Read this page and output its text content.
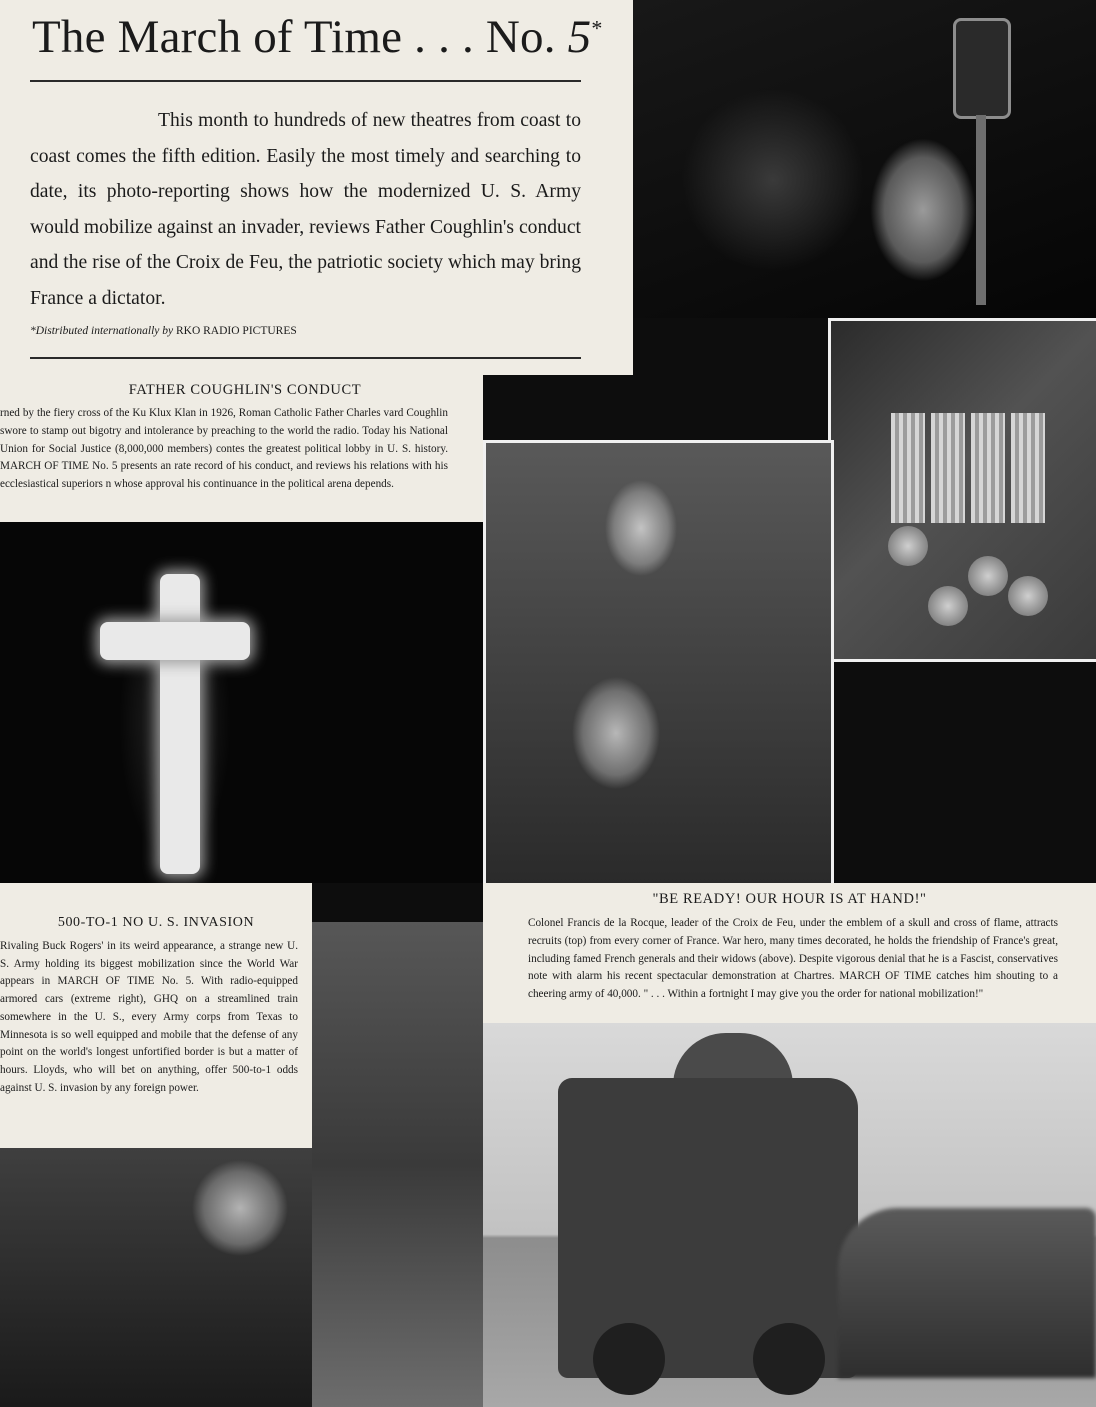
The March of Time . . . No. 5*

This month to hundreds of new theatres from coast to coast comes the fifth edition. Easily the most timely and searching to date, its photo-reporting shows how the modernized U. S. Army would mobilize against an invader, reviews Father Coughlin's conduct and the rise of the Croix de Feu, the patriotic society which may bring France a dictator.

*Distributed internationally by RKO RADIO PICTURES

FATHER COUGHLIN'S CONDUCT

rned by the fiery cross of the Ku Klux Klan in 1926, Roman Catholic Father Charles vard Coughlin swore to stamp out bigotry and intolerance by preaching to the world the radio. Today his National Union for Social Justice (8,000,000 members) contes the greatest political lobby in U. S. history. MARCH OF TIME No. 5 presents an rate record of his conduct, and reviews his relations with his ecclesiastical superiors n whose approval his continuance in the political arena depends.

500-TO-1 NO U. S. INVASION

Rivaling Buck Rogers' in its weird appearance, a strange new U. S. Army holding its biggest mobilization since the World War appears in MARCH OF TIME No. 5. With radio-equipped armored cars (extreme right), GHQ on a streamlined train somewhere in the U. S., every Army corps from Texas to Minnesota is so well equipped and mobile that the defense of any point on the world's longest unfortified border is but a matter of hours. Lloyds, who will bet on anything, offer 500-to-1 odds against U. S. invasion by any foreign power.

"BE READY! OUR HOUR IS AT HAND!"

Colonel Francis de la Rocque, leader of the Croix de Feu, under the emblem of a skull and cross of flame, attracts recruits (top) from every corner of France. War hero, many times decorated, he holds the friendship of France's great, including famed French generals and their widows (above). Despite vigorous denial that he is a Fascist, conservatives note with alarm his recent spectacular demonstration at Chartres. MARCH OF TIME catches him shouting to a cheering army of 40,000. " . . . Within a fortnight I may give you the order for national mobilization!"
